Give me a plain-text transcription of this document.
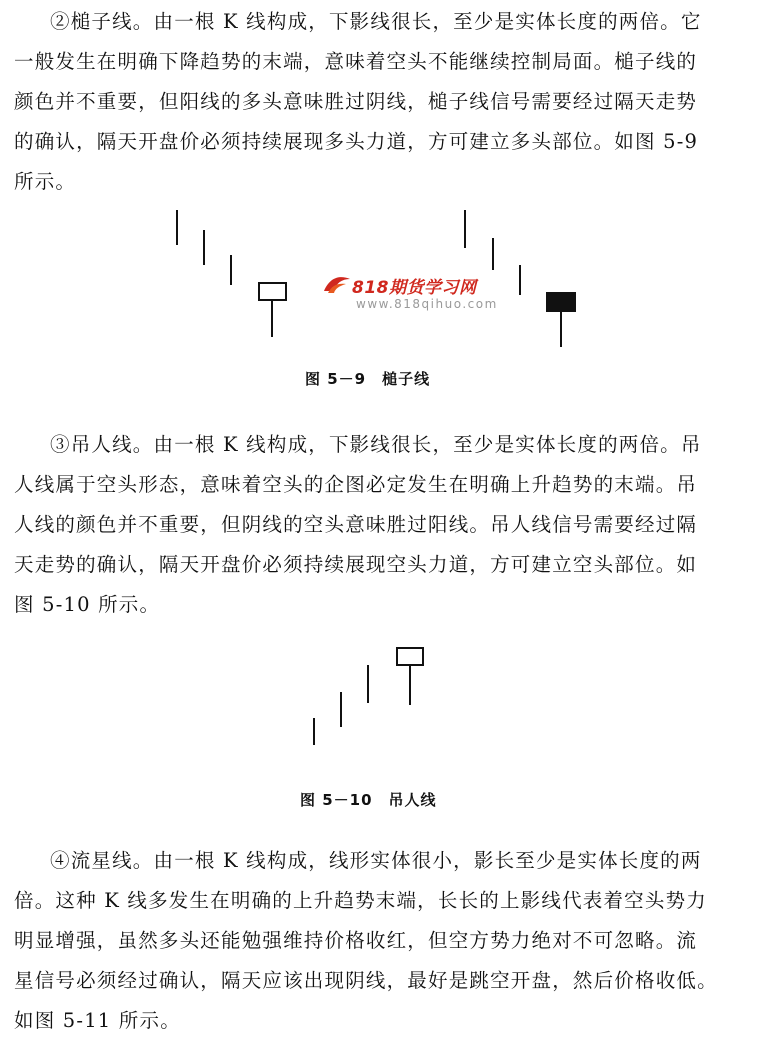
②槌子线。由一根 K 线构成，下影线很长，至少是实体长度的两倍。它
一般发生在明确下降趋势的末端，意味着空头不能继续控制局面。槌子线的
颜色并不重要，但阳线的多头意味胜过阴线，槌子线信号需要经过隔天走势
的确认，隔天开盘价必须持续展现多头力道，方可建立多头部位。如图 5-9
所示。
818期货学习网
www.818qihuo.com
图 5－9　槌子线
③吊人线。由一根 K 线构成，下影线很长，至少是实体长度的两倍。吊
人线属于空头形态，意味着空头的企图必定发生在明确上升趋势的末端。吊
人线的颜色并不重要，但阴线的空头意味胜过阳线。吊人线信号需要经过隔
天走势的确认，隔天开盘价必须持续展现空头力道，方可建立空头部位。如
图 5-10 所示。
图 5－10　吊人线
④流星线。由一根 K 线构成，线形实体很小，影长至少是实体长度的两
倍。这种 K 线多发生在明确的上升趋势末端，长长的上影线代表着空头势力
明显增强，虽然多头还能勉强维持价格收红，但空方势力绝对不可忽略。流
星信号必须经过确认，隔天应该出现阴线，最好是跳空开盘，然后价格收低。
如图 5-11 所示。
